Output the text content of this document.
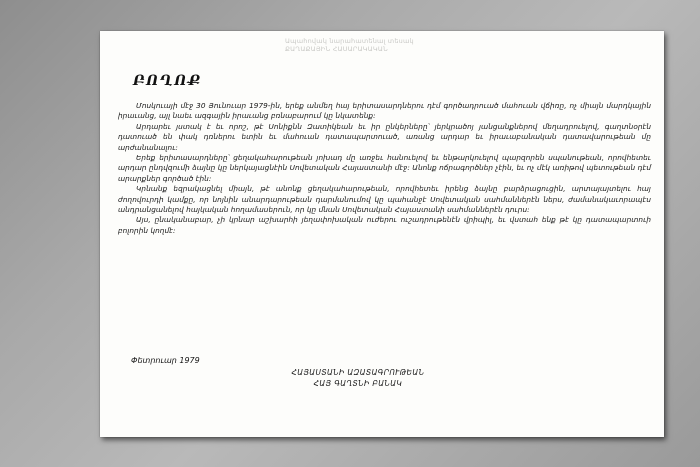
Ապահովակ նարահատենալ տեսակ
ՔԱՂԱՔԱՅԻՆ ՀԱՍԱՐԱԿԱԿԱՆ
ԲՈՂՈՔ

Մոսկուայի մէջ 30 Յունուար 1979-ին, երեք անմեղ հայ երիտասարդներու դէմ գործադրուած մահուան վճիռը, ոչ միայն մարդկային իրաւանց, այլ նաեւ ազգային իրաւանց բռնաբարում կը նկատենք:

Արդարեւ յստակ է եւ որոշ, թէ Սոնիքնն Զատիկեան եւ իր ընկերները՝ յերկրածոյ յանցանքներով մեղադրուելով, գաղտնօրէն դատուած են փակ դռներու ետին եւ մահուան դատապարտուած, առանց արդար եւ իրաւաբանական դատավարութեան մը արժանանալու:

Երեք երիտասարդները՝ ցեղակահարութեան յոխադ մը առջեւ հանուելով եւ ենթարկուելով պարզորեն սպանութեան, որովհետեւ արդար ընդվզումի ձայնը կը ներկայացնէին Սովետական Հայաստանի մէջ: Անոնք ոճրագործներ չէին, եւ ոչ մէկ առիթով պետութեան դէմ արարքներ գործած էին:

Կրնանք եզրակացնել միայն, թէ անոնք ցեղակահարութեան, որովհետեւ իրենց ձայնը բարձրացուցին, արտայայտելու հայ ժողովուրդի կամքը, որ նոյնին անարդարութեան դարմանումով կը պահանջէ Սովետական սահմաններէն ներս, ժամանակաւորապէս անդրանցանելով հայկական հողամասերուն, որ կը մնան Սովետական Հայաստանի սահմաններէն դուրս:

Այս, ընականաբար, չի կրնար աշխարհի յեղափոխական ուժերու ուշադրութենէն վրիպիլ, եւ վստահ ենք թէ կը դատապարտուի բոլորին կողմէ:

Փետրուար 1979
ՀԱՅԱՍՏԱՆԻ ԱԶԱՏԱԳՐՈՒԹԵԱՆ
ՀԱՅ ԳԱՂՏՆԻ ԲԱՆԱԿ
